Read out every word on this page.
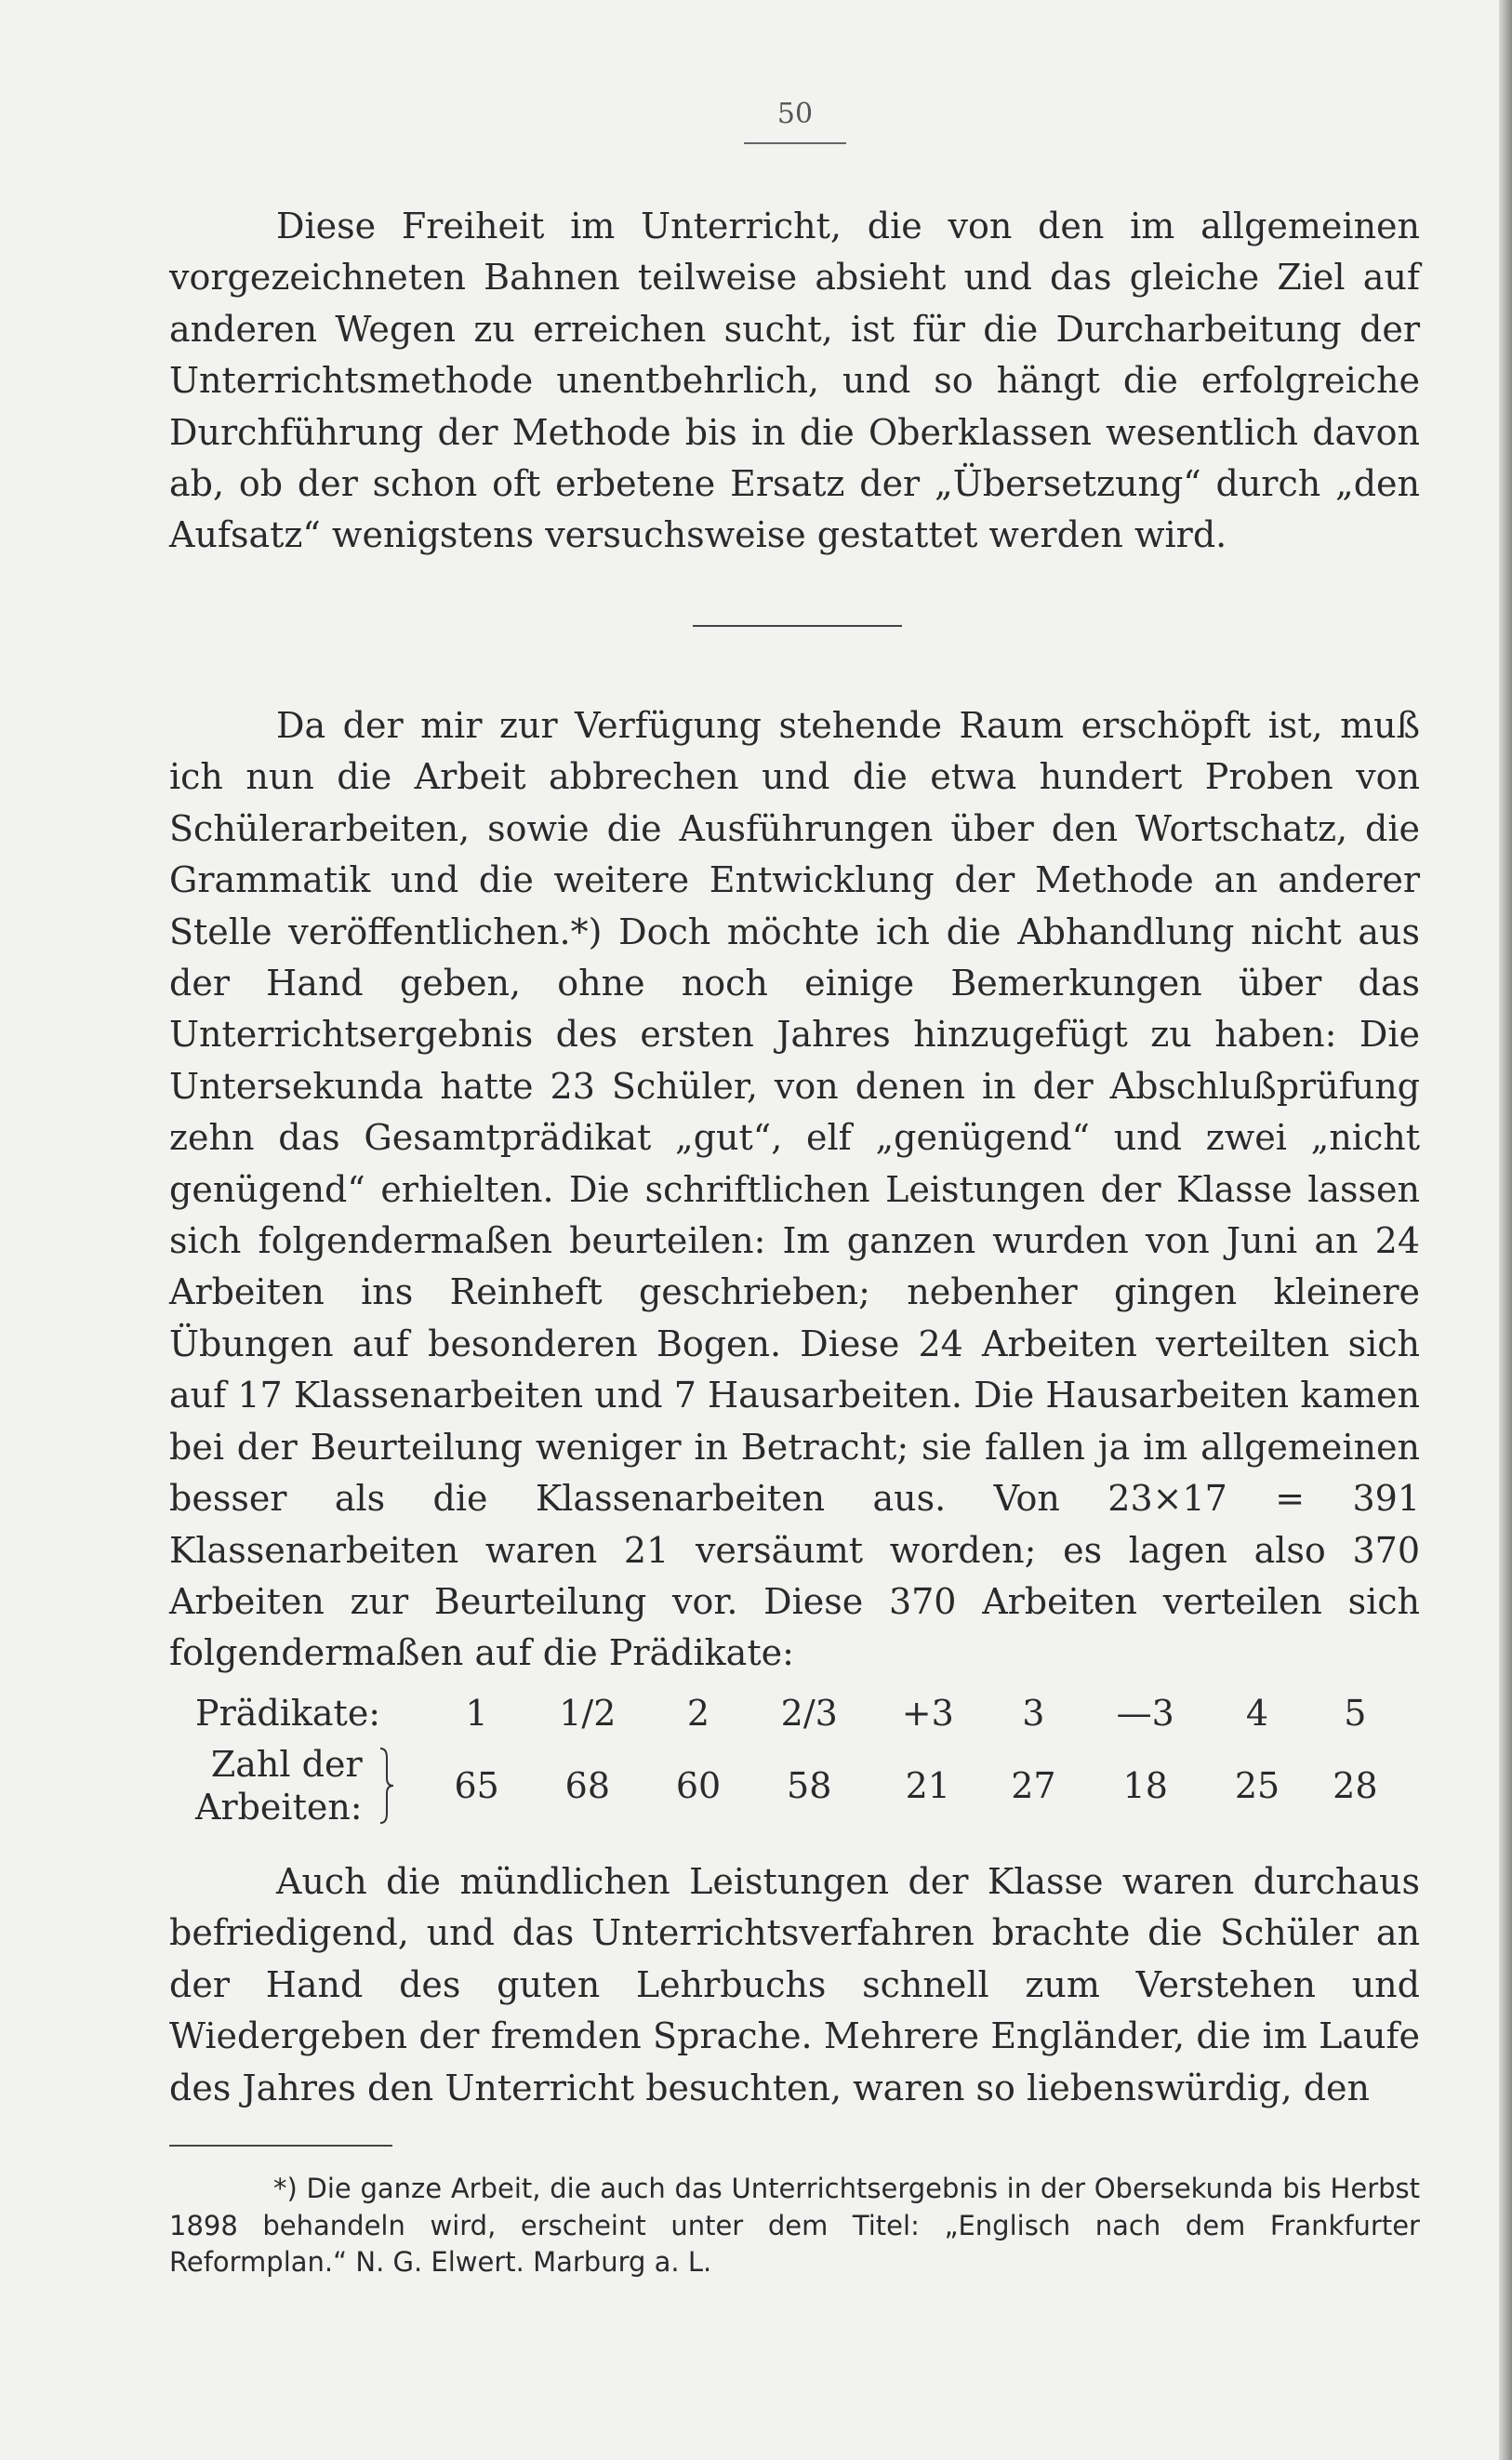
50

Diese Freiheit im Unterricht, die von den im allgemeinen vorgezeichneten Bahnen teilweise absieht und das gleiche Ziel auf anderen Wegen zu erreichen sucht, ist für die Durcharbeitung der Unterrichtsmethode unentbehrlich, und so hängt die erfolgreiche Durchführung der Methode bis in die Oberklassen wesentlich davon ab, ob der schon oft erbetene Ersatz der „Übersetzung“ durch „den Aufsatz“ wenigstens versuchsweise gestattet werden wird.

Da der mir zur Verfügung stehende Raum erschöpft ist, muß ich nun die Arbeit abbrechen und die etwa hundert Proben von Schülerarbeiten, sowie die Ausführungen über den Wortschatz, die Grammatik und die weitere Entwicklung der Methode an anderer Stelle veröffentlichen.*) Doch möchte ich die Abhandlung nicht aus der Hand geben, ohne noch einige Bemerkungen über das Unterrichtsergebnis des ersten Jahres hinzugefügt zu haben: Die Untersekunda hatte 23 Schüler, von denen in der Abschlußprüfung zehn das Gesamtprädikat „gut“, elf „genügend“ und zwei „nicht genügend“ erhielten. Die schriftlichen Leistungen der Klasse lassen sich folgendermaßen beurteilen: Im ganzen wurden von Juni an 24 Arbeiten ins Reinheft geschrieben; nebenher gingen kleinere Übungen auf besonderen Bogen. Diese 24 Arbeiten verteilten sich auf 17 Klassenarbeiten und 7 Hausarbeiten. Die Hausarbeiten kamen bei der Beurteilung weniger in Betracht; sie fallen ja im allgemeinen besser als die Klassenarbeiten aus. Von 23×17 = 391 Klassenarbeiten waren 21 versäumt worden; es lagen also 370 Arbeiten zur Beurteilung vor. Diese 370 Arbeiten verteilen sich folgendermaßen auf die Prädikate:

Prädikate:	1	1/2	2	2/3	+3	3	—3	4	5
Zahl der
Arbeiten:	65	68	60	58	21	27	18	25	28

Auch die mündlichen Leistungen der Klasse waren durchaus befriedigend, und das Unterrichtsverfahren brachte die Schüler an der Hand des guten Lehrbuchs schnell zum Verstehen und Wiedergeben der fremden Sprache. Mehrere Engländer, die im Laufe des Jahres den Unterricht besuchten, waren so liebenswürdig, den

*) Die ganze Arbeit, die auch das Unterrichtsergebnis in der Obersekunda bis Herbst 1898 behandeln wird, erscheint unter dem Titel: „Englisch nach dem Frankfurter Reformplan.“ N. G. Elwert. Marburg a. L.
